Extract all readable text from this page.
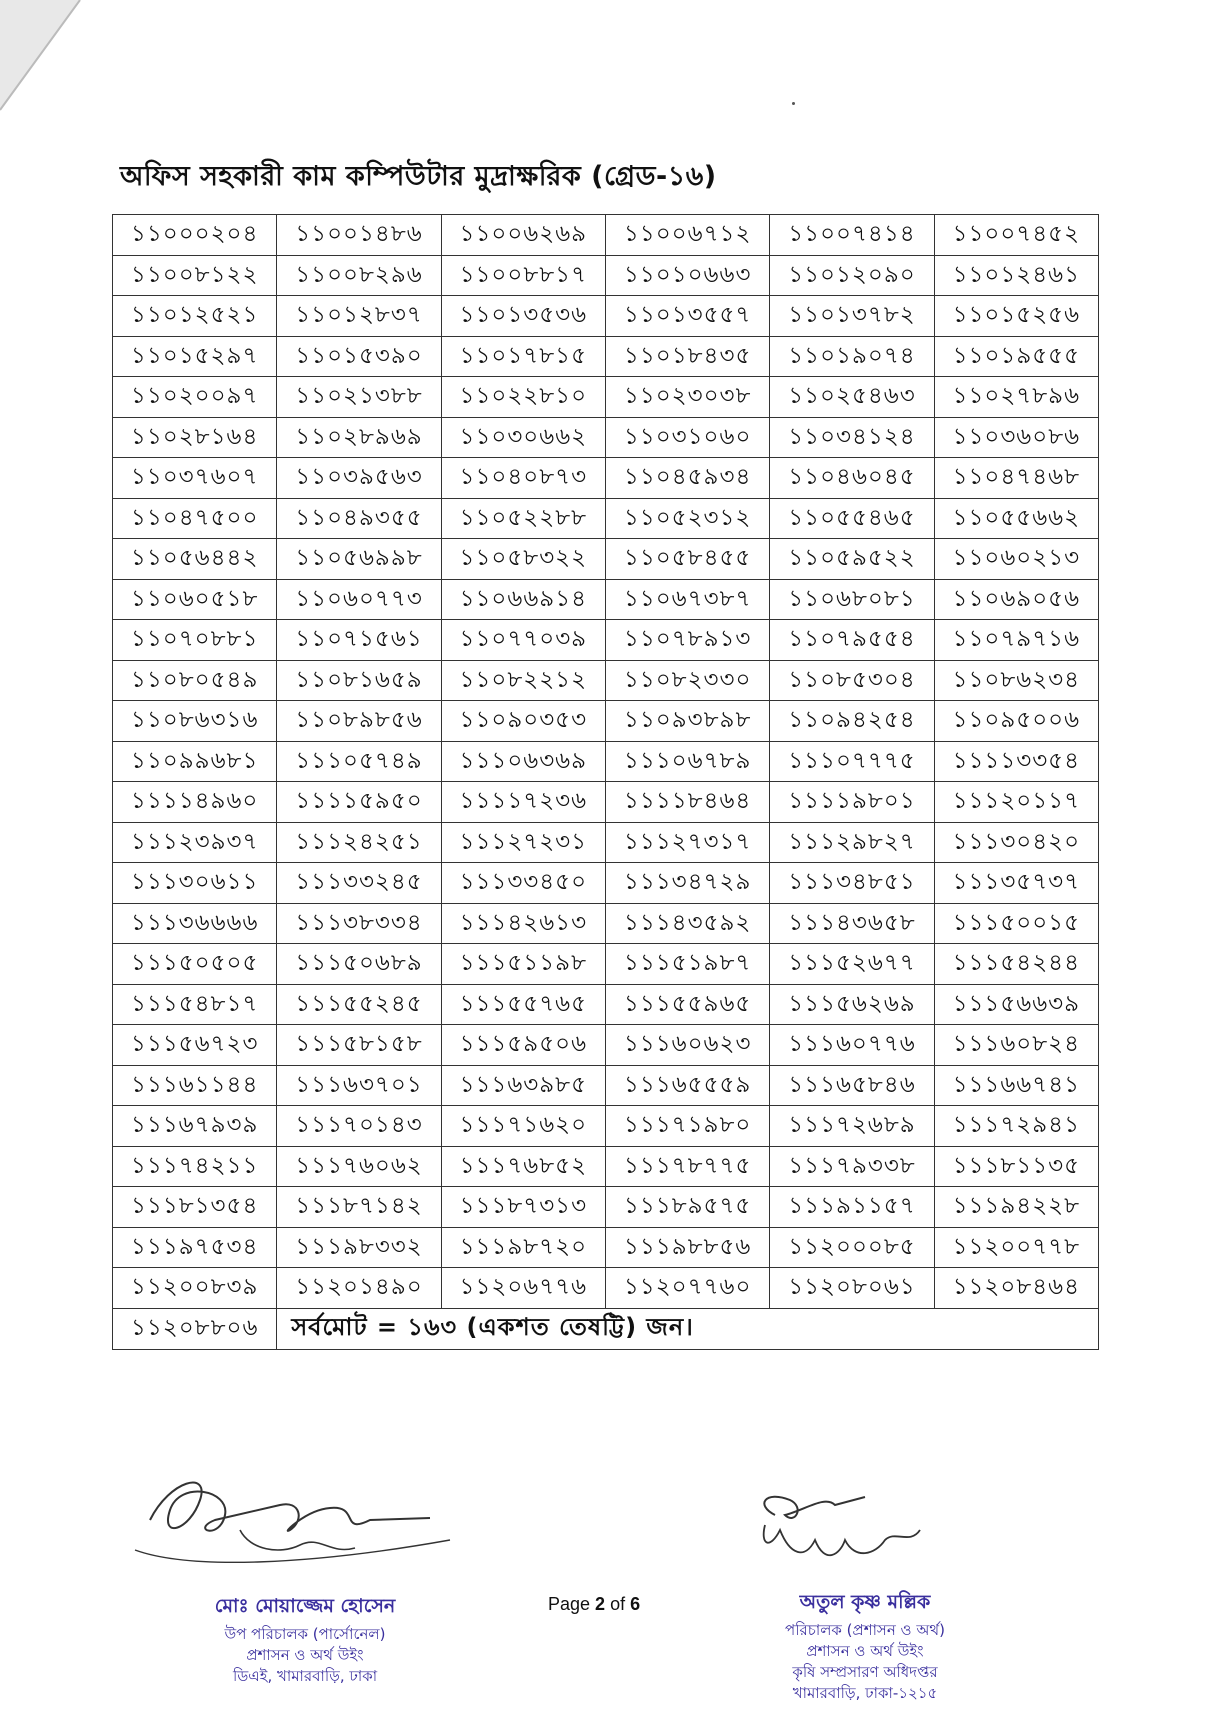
অফিস সহকারী কাম কম্পিউটার মুদ্রাক্ষরিক (গ্রেড-১৬)
১১০০০২০৪	১১০০১৪৮৬	১১০০৬২৬৯	১১০০৬৭১২	১১০০৭৪১৪	১১০০৭৪৫২
১১০০৮১২২	১১০০৮২৯৬	১১০০৮৮১৭	১১০১০৬৬৩	১১০১২০৯০	১১০১২৪৬১
১১০১২৫২১	১১০১২৮৩৭	১১০১৩৫৩৬	১১০১৩৫৫৭	১১০১৩৭৮২	১১০১৫২৫৬
১১০১৫২৯৭	১১০১৫৩৯০	১১০১৭৮১৫	১১০১৮৪৩৫	১১০১৯০৭৪	১১০১৯৫৫৫
১১০২০০৯৭	১১০২১৩৮৮	১১০২২৮১০	১১০২৩০৩৮	১১০২৫৪৬৩	১১০২৭৮৯৬
১১০২৮১৬৪	১১০২৮৯৬৯	১১০৩০৬৬২	১১০৩১০৬০	১১০৩৪১২৪	১১০৩৬০৮৬
১১০৩৭৬০৭	১১০৩৯৫৬৩	১১০৪০৮৭৩	১১০৪৫৯৩৪	১১০৪৬০৪৫	১১০৪৭৪৬৮
১১০৪৭৫০০	১১০৪৯৩৫৫	১১০৫২২৮৮	১১০৫২৩১২	১১০৫৫৪৬৫	১১০৫৫৬৬২
১১০৫৬৪৪২	১১০৫৬৯৯৮	১১০৫৮৩২২	১১০৫৮৪৫৫	১১০৫৯৫২২	১১০৬০২১৩
১১০৬০৫১৮	১১০৬০৭৭৩	১১০৬৬৯১৪	১১০৬৭৩৮৭	১১০৬৮০৮১	১১০৬৯০৫৬
১১০৭০৮৮১	১১০৭১৫৬১	১১০৭৭০৩৯	১১০৭৮৯১৩	১১০৭৯৫৫৪	১১০৭৯৭১৬
১১০৮০৫৪৯	১১০৮১৬৫৯	১১০৮২২১২	১১০৮২৩৩০	১১০৮৫৩০৪	১১০৮৬২৩৪
১১০৮৬৩১৬	১১০৮৯৮৫৬	১১০৯০৩৫৩	১১০৯৩৮৯৮	১১০৯৪২৫৪	১১০৯৫০০৬
১১০৯৯৬৮১	১১১০৫৭৪৯	১১১০৬৩৬৯	১১১০৬৭৮৯	১১১০৭৭৭৫	১১১১৩৩৫৪
১১১১৪৯৬০	১১১১৫৯৫০	১১১১৭২৩৬	১১১১৮৪৬৪	১১১১৯৮০১	১১১২০১১৭
১১১২৩৯৩৭	১১১২৪২৫১	১১১২৭২৩১	১১১২৭৩১৭	১১১২৯৮২৭	১১১৩০৪২০
১১১৩০৬১১	১১১৩৩২৪৫	১১১৩৩৪৫০	১১১৩৪৭২৯	১১১৩৪৮৫১	১১১৩৫৭৩৭
১১১৩৬৬৬৬	১১১৩৮৩৩৪	১১১৪২৬১৩	১১১৪৩৫৯২	১১১৪৩৬৫৮	১১১৫০০১৫
১১১৫০৫০৫	১১১৫০৬৮৯	১১১৫১১৯৮	১১১৫১৯৮৭	১১১৫২৬৭৭	১১১৫৪২৪৪
১১১৫৪৮১৭	১১১৫৫২৪৫	১১১৫৫৭৬৫	১১১৫৫৯৬৫	১১১৫৬২৬৯	১১১৫৬৬৩৯
১১১৫৬৭২৩	১১১৫৮১৫৮	১১১৫৯৫০৬	১১১৬০৬২৩	১১১৬০৭৭৬	১১১৬০৮২৪
১১১৬১১৪৪	১১১৬৩৭০১	১১১৬৩৯৮৫	১১১৬৫৫৫৯	১১১৬৫৮৪৬	১১১৬৬৭৪১
১১১৬৭৯৩৯	১১১৭০১৪৩	১১১৭১৬২০	১১১৭১৯৮০	১১১৭২৬৮৯	১১১৭২৯৪১
১১১৭৪২১১	১১১৭৬০৬২	১১১৭৬৮৫২	১১১৭৮৭৭৫	১১১৭৯৩৩৮	১১১৮১১৩৫
১১১৮১৩৫৪	১১১৮৭১৪২	১১১৮৭৩১৩	১১১৮৯৫৭৫	১১১৯১১৫৭	১১১৯৪২২৮
১১১৯৭৫৩৪	১১১৯৮৩৩২	১১১৯৮৭২০	১১১৯৮৮৫৬	১১২০০০৮৫	১১২০০৭৭৮
১১২০০৮৩৯	১১২০১৪৯০	১১২০৬৭৭৬	১১২০৭৭৬০	১১২০৮০৬১	১১২০৮৪৬৪
১১২০৮৮০৬	সর্বমোট = ১৬৩ (একশত তেষট্টি) জন।				
মোঃ মোয়াজ্জেম হোসেন
উপ পরিচালক (পার্সোনেল)
প্রশাসন ও অর্থ উইং
ডিএই, খামারবাড়ি, ঢাকা
Page 2 of 6	অতুল কৃষ্ণ মল্লিক
পরিচালক (প্রশাসন ও অর্থ)
প্রশাসন ও অর্থ উইং
কৃষি সম্প্রসারণ অধিদপ্তর
খামারবাড়ি, ঢাকা-১২১৫
